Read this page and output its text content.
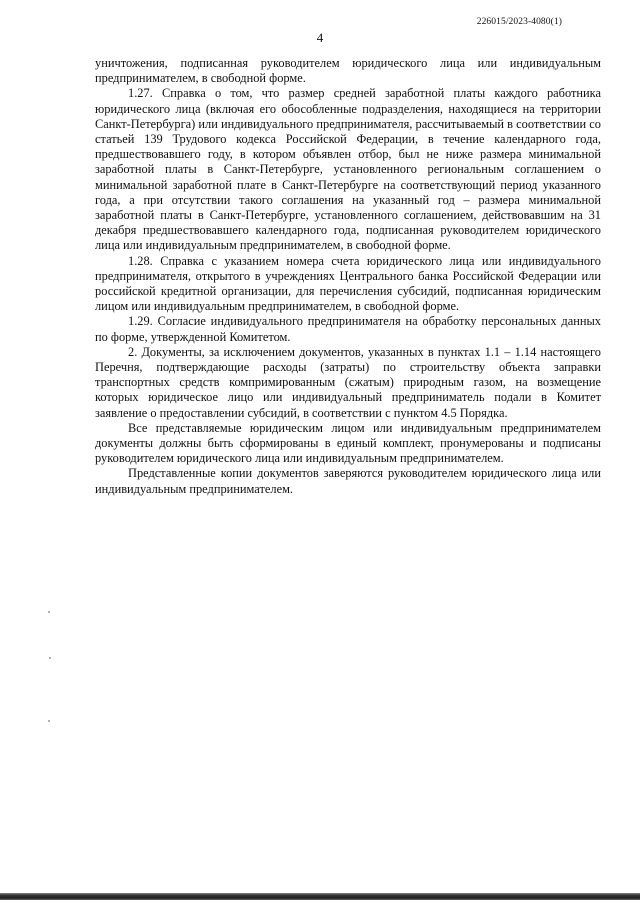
226015/2023-4080(1)
4

уничтожения, подписанная руководителем юридического лица или индивидуальным предпринимателем, в свободной форме.

1.27. Справка о том, что размер средней заработной платы каждого работника юридического лица (включая его обособленные подразделения, находящиеся на территории Санкт-Петербурга) или индивидуального предпринимателя, рассчитываемый в соответствии со статьей 139 Трудового кодекса Российской Федерации, в течение календарного года, предшествовавшего году, в котором объявлен отбор, был не ниже размера минимальной заработной платы в Санкт-Петербурге, установленного региональным соглашением о минимальной заработной плате в Санкт-Петербурге на соответствующий период указанного года, а при отсутствии такого соглашения на указанный год – размера минимальной заработной платы в Санкт-Петербурге, установленного соглашением, действовавшим на 31 декабря предшествовавшего календарного года, подписанная руководителем юридического лица или индивидуальным предпринимателем, в свободной форме.

1.28. Справка с указанием номера счета юридического лица или индивидуального предпринимателя, открытого в учреждениях Центрального банка Российской Федерации или российской кредитной организации, для перечисления субсидий, подписанная юридическим лицом или индивидуальным предпринимателем, в свободной форме.

1.29. Согласие индивидуального предпринимателя на обработку персональных данных по форме, утвержденной Комитетом.

2. Документы, за исключением документов, указанных в пунктах 1.1 – 1.14 настоящего Перечня, подтверждающие расходы (затраты) по строительству объекта заправки транспортных средств компримированным (сжатым) природным газом, на возмещение которых юридическое лицо или индивидуальный предприниматель подали в Комитет заявление о предоставлении субсидий, в соответствии с пунктом 4.5 Порядка.

Все представляемые юридическим лицом или индивидуальным предпринимателем документы должны быть сформированы в единый комплект, пронумерованы и подписаны руководителем юридического лица или индивидуальным предпринимателем.

Представленные копии документов заверяются руководителем юридического лица или индивидуальным предпринимателем.
